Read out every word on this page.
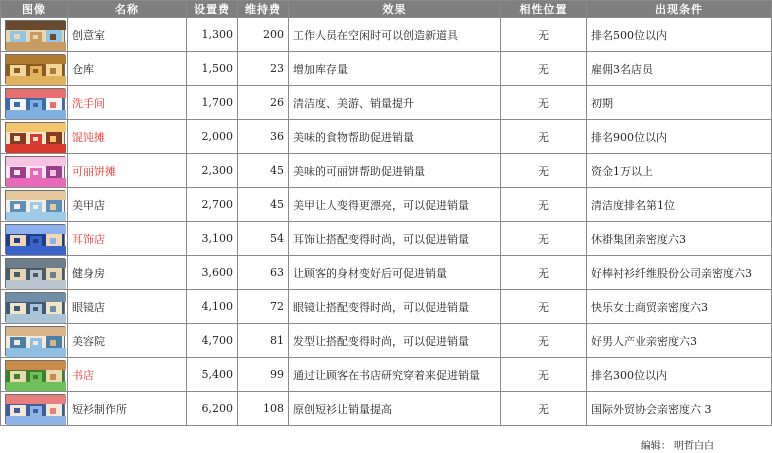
图像	名称	设置费	维持费	效果	相性位置	出现条件

	创意室	1,300	200	工作人员在空闲时可以创造新道具	无	排名500位以内

	仓库	1,500	23	增加库存量	无	雇佣3名店员

	洗手间	1,700	26	清洁度、美游、销量提升	无	初期

	馄饨摊	2,000	36	美味的食物帮助促进销量	无	排名900位以内

	可丽饼摊	2,300	45	美味的可丽饼帮助促进销量	无	资金1万以上

	美甲店	2,700	45	美甲让人变得更漂亮，可以促进销量	无	清洁度排名第1位

	耳饰店	3,100	54	耳饰让搭配变得时尚，可以促进销量	无	休褂集团亲密度六3

	健身房	3,600	63	让顾客的身材变好后可促进销量	无	好棒衬衫纤维股份公司亲密度六3

	眼镜店	4,100	72	眼镜让搭配变得时尚，可以促进销量	无	快乐女士商贸亲密度六3

	美容院	4,700	81	发型让搭配变得时尚，可以促进销量	无	好男人产业亲密度六3

	书店	5,400	99	通过让顾客在书店研究穿着来促进销量	无	排名300位以内

	短衫制作所	6,200	108	原创短衫让销量提高	无	国际外贸协会亲密度六 3
编辑： 明哲白白
